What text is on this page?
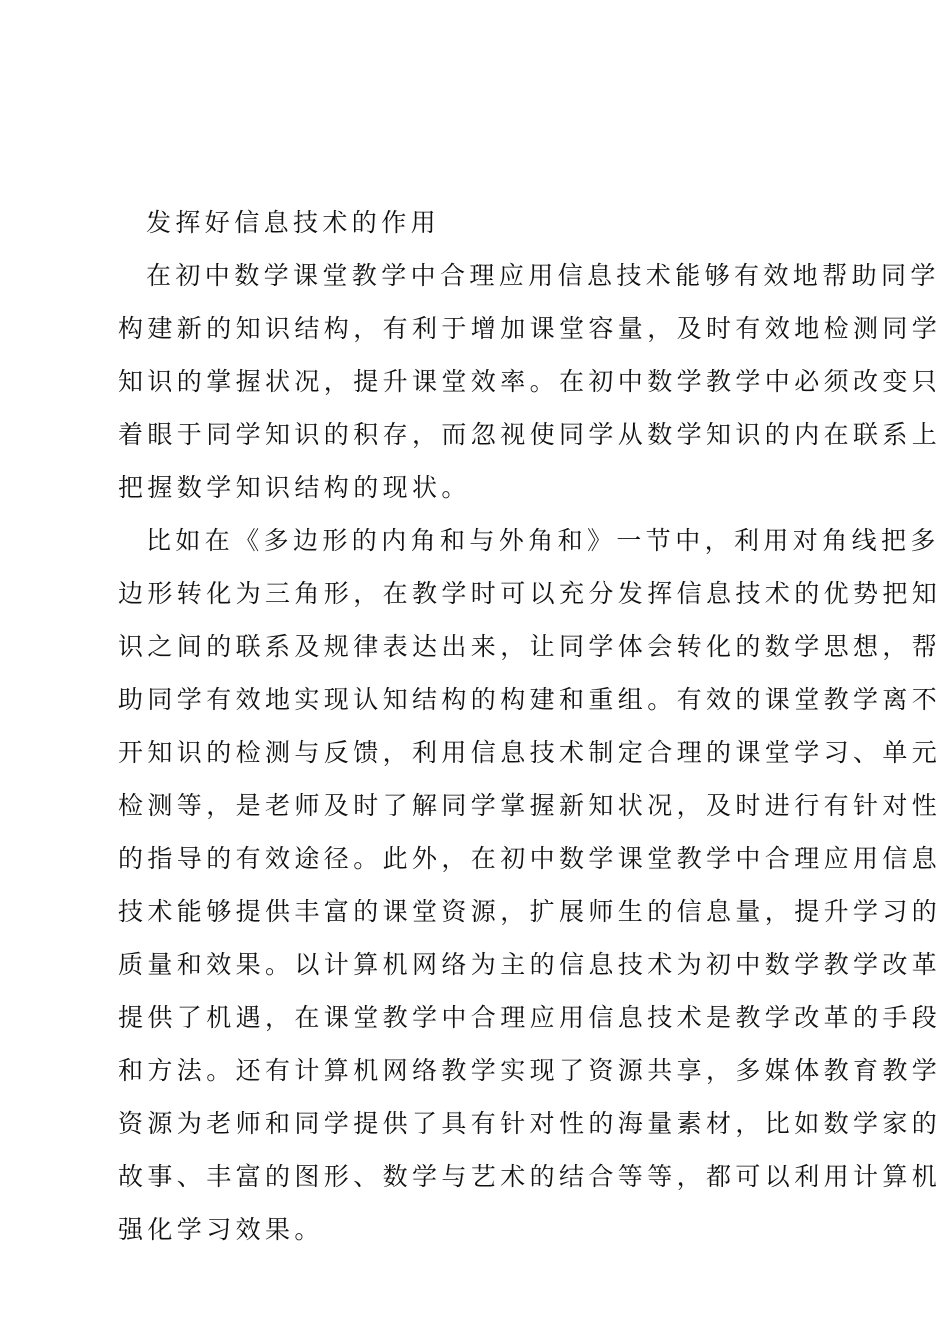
发挥好信息技术的作用
在初中数学课堂教学中合理应用信息技术能够有效地帮助同学
构建新的知识结构，有利于增加课堂容量，及时有效地检测同学
知识的掌握状况，提升课堂效率。在初中数学教学中必须改变只
着眼于同学知识的积存，而忽视使同学从数学知识的内在联系上
把握数学知识结构的现状。
比如在《多边形的内角和与外角和》一节中，利用对角线把多
边形转化为三角形，在教学时可以充分发挥信息技术的优势把知
识之间的联系及规律表达出来，让同学体会转化的数学思想，帮
助同学有效地实现认知结构的构建和重组。有效的课堂教学离不
开知识的检测与反馈，利用信息技术制定合理的课堂学习、单元
检测等，是老师及时了解同学掌握新知状况，及时进行有针对性
的指导的有效途径。此外，在初中数学课堂教学中合理应用信息
技术能够提供丰富的课堂资源，扩展师生的信息量，提升学习的
质量和效果。以计算机网络为主的信息技术为初中数学教学改革
提供了机遇，在课堂教学中合理应用信息技术是教学改革的手段
和方法。还有计算机网络教学实现了资源共享，多媒体教育教学
资源为老师和同学提供了具有针对性的海量素材，比如数学家的
故事、丰富的图形、数学与艺术的结合等等，都可以利用计算机
强化学习效果。
